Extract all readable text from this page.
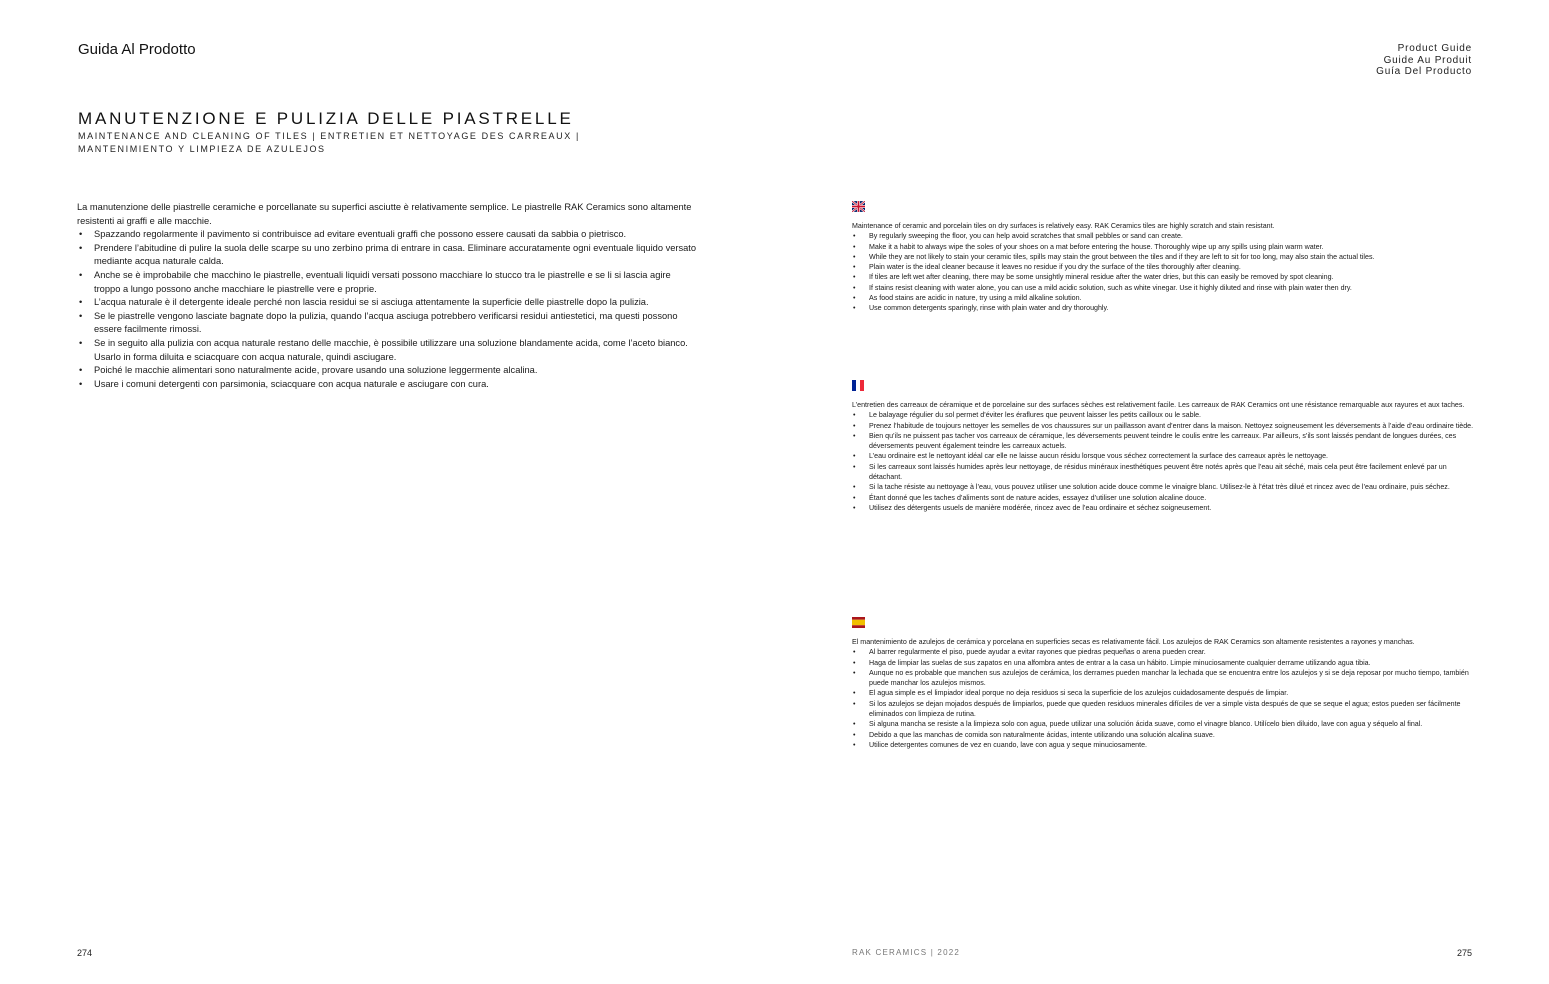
Guida Al Prodotto	Product Guide
Guide Au Produit
Guía Del Producto
MANUTENZIONE E PULIZIA DELLE PIASTRELLE
MAINTENANCE AND CLEANING OF TILES | ENTRETIEN ET NETTOYAGE DES CARREAUX |
MANTENIMIENTO Y LIMPIEZA DE AZULEJOS

La manutenzione delle piastrelle ceramiche e porcellanate su superfici asciutte è relativamente semplice. Le piastrelle RAK Ceramics sono altamente resistenti ai graffi e alle macchie.

• Spazzando regolarmente il pavimento si contribuisce ad evitare eventuali graffi che possono essere causati da sabbia o pietrisco.
• Prendere l’abitudine di pulire la suola delle scarpe su uno zerbino prima di entrare in casa. Eliminare accuratamente ogni eventuale liquido versato mediante acqua naturale calda.
• Anche se è improbabile che macchino le piastrelle, eventuali liquidi versati possono macchiare lo stucco tra le piastrelle e se li si lascia agire troppo a lungo possono anche macchiare le piastrelle vere e proprie.
• L’acqua naturale è il detergente ideale perché non lascia residui se si asciuga attentamente la superficie delle piastrelle dopo la pulizia.
• Se le piastrelle vengono lasciate bagnate dopo la pulizia, quando l’acqua asciuga potrebbero verificarsi residui antiestetici, ma questi possono essere facilmente rimossi.
• Se in seguito alla pulizia con acqua naturale restano delle macchie, è possibile utilizzare una soluzione blandamente acida, come l’aceto bianco. Usarlo in forma diluita e sciacquare con acqua naturale, quindi asciugare.
• Poiché le macchie alimentari sono naturalmente acide, provare usando una soluzione leggermente alcalina.
• Usare i comuni detergenti con parsimonia, sciacquare con acqua naturale e asciugare con cura.

Maintenance of ceramic and porcelain tiles on dry surfaces is relatively easy. RAK Ceramics tiles are highly scratch and stain resistant.

• By regularly sweeping the floor, you can help avoid scratches that small pebbles or sand can create.
• Make it a habit to always wipe the soles of your shoes on a mat before entering the house. Thoroughly wipe up any spills using plain warm water.
• While they are not likely to stain your ceramic tiles, spills may stain the grout between the tiles and if they are left to sit for too long, may also stain the actual tiles.
• Plain water is the ideal cleaner because it leaves no residue if you dry the surface of the tiles thoroughly after cleaning.
• If tiles are left wet after cleaning, there may be some unsightly mineral residue after the water dries, but this can easily be removed by spot cleaning.
• If stains resist cleaning with water alone, you can use a mild acidic solution, such as white vinegar. Use it highly diluted and rinse with plain water then dry.
• As food stains are acidic in nature, try using a mild alkaline solution.
• Use common detergents sparingly, rinse with plain water and dry thoroughly.

L’entretien des carreaux de céramique et de porcelaine sur des surfaces sèches est relativement facile. Les carreaux de RAK Ceramics ont une résistance remarquable aux rayures et aux taches.

• Le balayage régulier du sol permet d’éviter les éraflures que peuvent laisser les petits cailloux ou le sable.
• Prenez l’habitude de toujours nettoyer les semelles de vos chaussures sur un paillasson avant d’entrer dans la maison. Nettoyez soigneusement les déversements à l’aide d’eau ordinaire tiède.
• Bien qu’ils ne puissent pas tacher vos carreaux de céramique, les déversements peuvent teindre le coulis entre les carreaux. Par ailleurs, s’ils sont laissés pendant de longues durées, ces déversements peuvent également teindre les carreaux actuels.
• L’eau ordinaire est le nettoyant idéal car elle ne laisse aucun résidu lorsque vous séchez correctement la surface des carreaux après le nettoyage.
• Si les carreaux sont laissés humides après leur nettoyage, de résidus minéraux inesthétiques peuvent être notés après que l’eau ait séché, mais cela peut être facilement enlevé par un détachant.
• Si la tache résiste au nettoyage à l’eau, vous pouvez utiliser une solution acide douce comme le vinaigre blanc. Utilisez-le à l’état très dilué et rincez avec de l’eau ordinaire, puis séchez.
• Étant donné que les taches d’aliments sont de nature acides, essayez d’utiliser une solution alcaline douce.
• Utilisez des détergents usuels de manière modérée, rincez avec de l’eau ordinaire et séchez soigneusement.

El mantenimiento de azulejos de cerámica y porcelana en superficies secas es relativamente fácil. Los azulejos de RAK Ceramics son altamente resistentes a rayones y manchas.

• Al barrer regularmente el piso, puede ayudar a evitar rayones que piedras pequeñas o arena pueden crear.
• Haga de limpiar las suelas de sus zapatos en una alfombra antes de entrar a la casa un hábito. Limpie minuciosamente cualquier derrame utilizando agua tibia.
• Aunque no es probable que manchen sus azulejos de cerámica, los derrames pueden manchar la lechada que se encuentra entre los azulejos y si se deja reposar por mucho tiempo, también puede manchar los azulejos mismos.
• El agua simple es el limpiador ideal porque no deja residuos si seca la superficie de los azulejos cuidadosamente después de limpiar.
• Si los azulejos se dejan mojados después de limpiarlos, puede que queden residuos minerales difíciles de ver a simple vista después de que se seque el agua; estos pueden ser fácilmente eliminados con limpieza de rutina.
• Si alguna mancha se resiste a la limpieza solo con agua, puede utilizar una solución ácida suave, como el vinagre blanco. Utilícelo bien diluido, lave con agua y séquelo al final.
• Debido a que las manchas de comida son naturalmente ácidas, intente utilizando una solución alcalina suave.
• Utilice detergentes comunes de vez en cuando, lave con agua y seque minuciosamente.
274	RAK CERAMICS | 2022	275
